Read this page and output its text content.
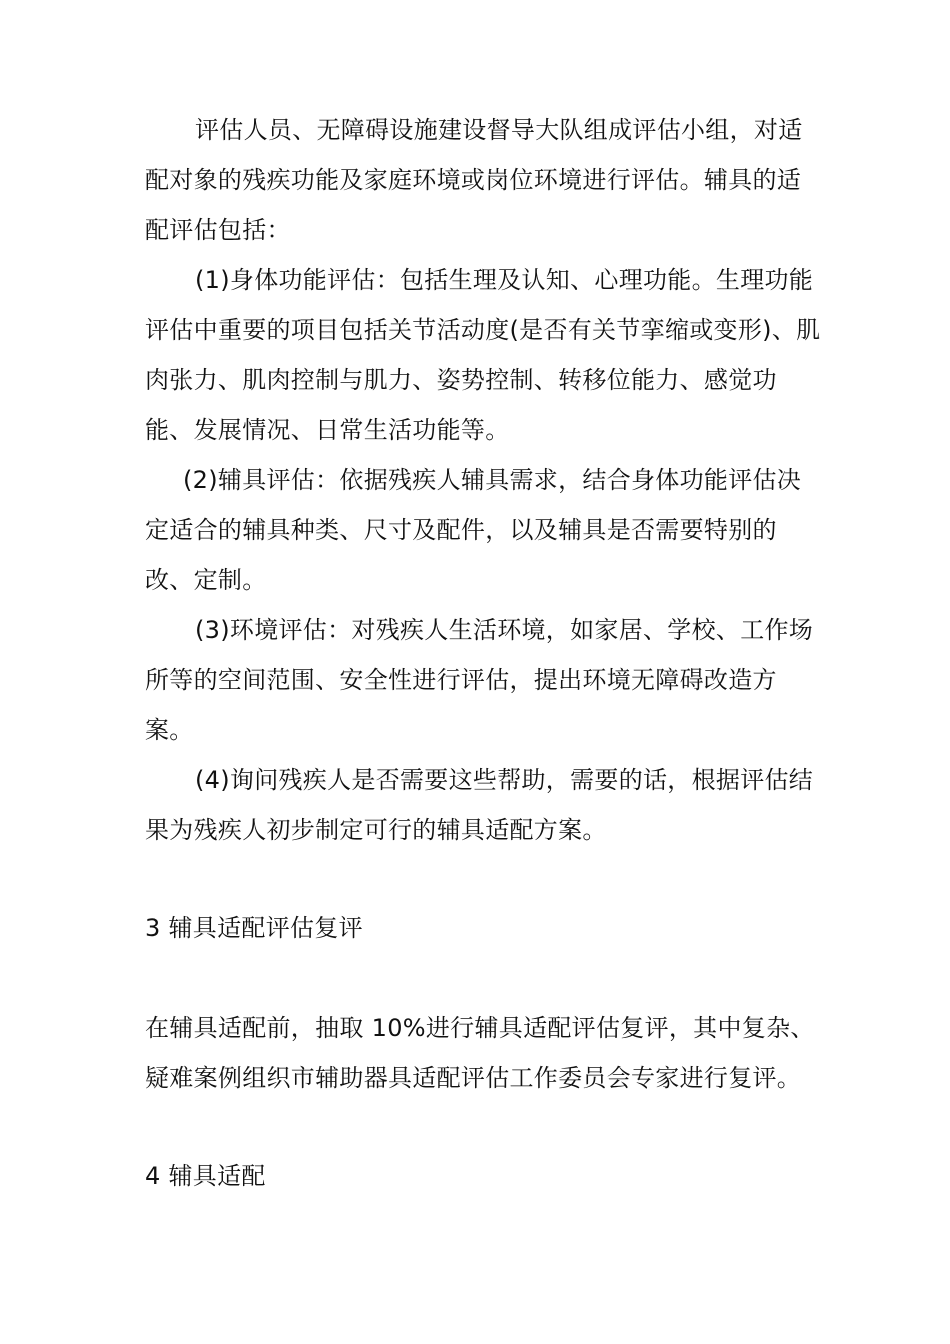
评估人员、无障碍设施建设督导大队组成评估小组，对适配对象的残疾功能及家庭环境或岗位环境进行评估。辅具的适配评估包括：

(1)身体功能评估：包括生理及认知、心理功能。生理功能评估中重要的项目包括关节活动度(是否有关节挛缩或变形)、肌肉张力、肌肉控制与肌力、姿势控制、转移位能力、感觉功能、发展情况、日常生活功能等。

(2)辅具评估：依据残疾人辅具需求，结合身体功能评估决定适合的辅具种类、尺寸及配件，以及辅具是否需要特别的改、定制。

(3)环境评估：对残疾人生活环境，如家居、学校、工作场所等的空间范围、安全性进行评估，提出环境无障碍改造方案。

(4)询问残疾人是否需要这些帮助，需要的话，根据评估结果为残疾人初步制定可行的辅具适配方案。

3 辅具适配评估复评

在辅具适配前，抽取 10%进行辅具适配评估复评，其中复杂、疑难案例组织市辅助器具适配评估工作委员会专家进行复评。

4 辅具适配
